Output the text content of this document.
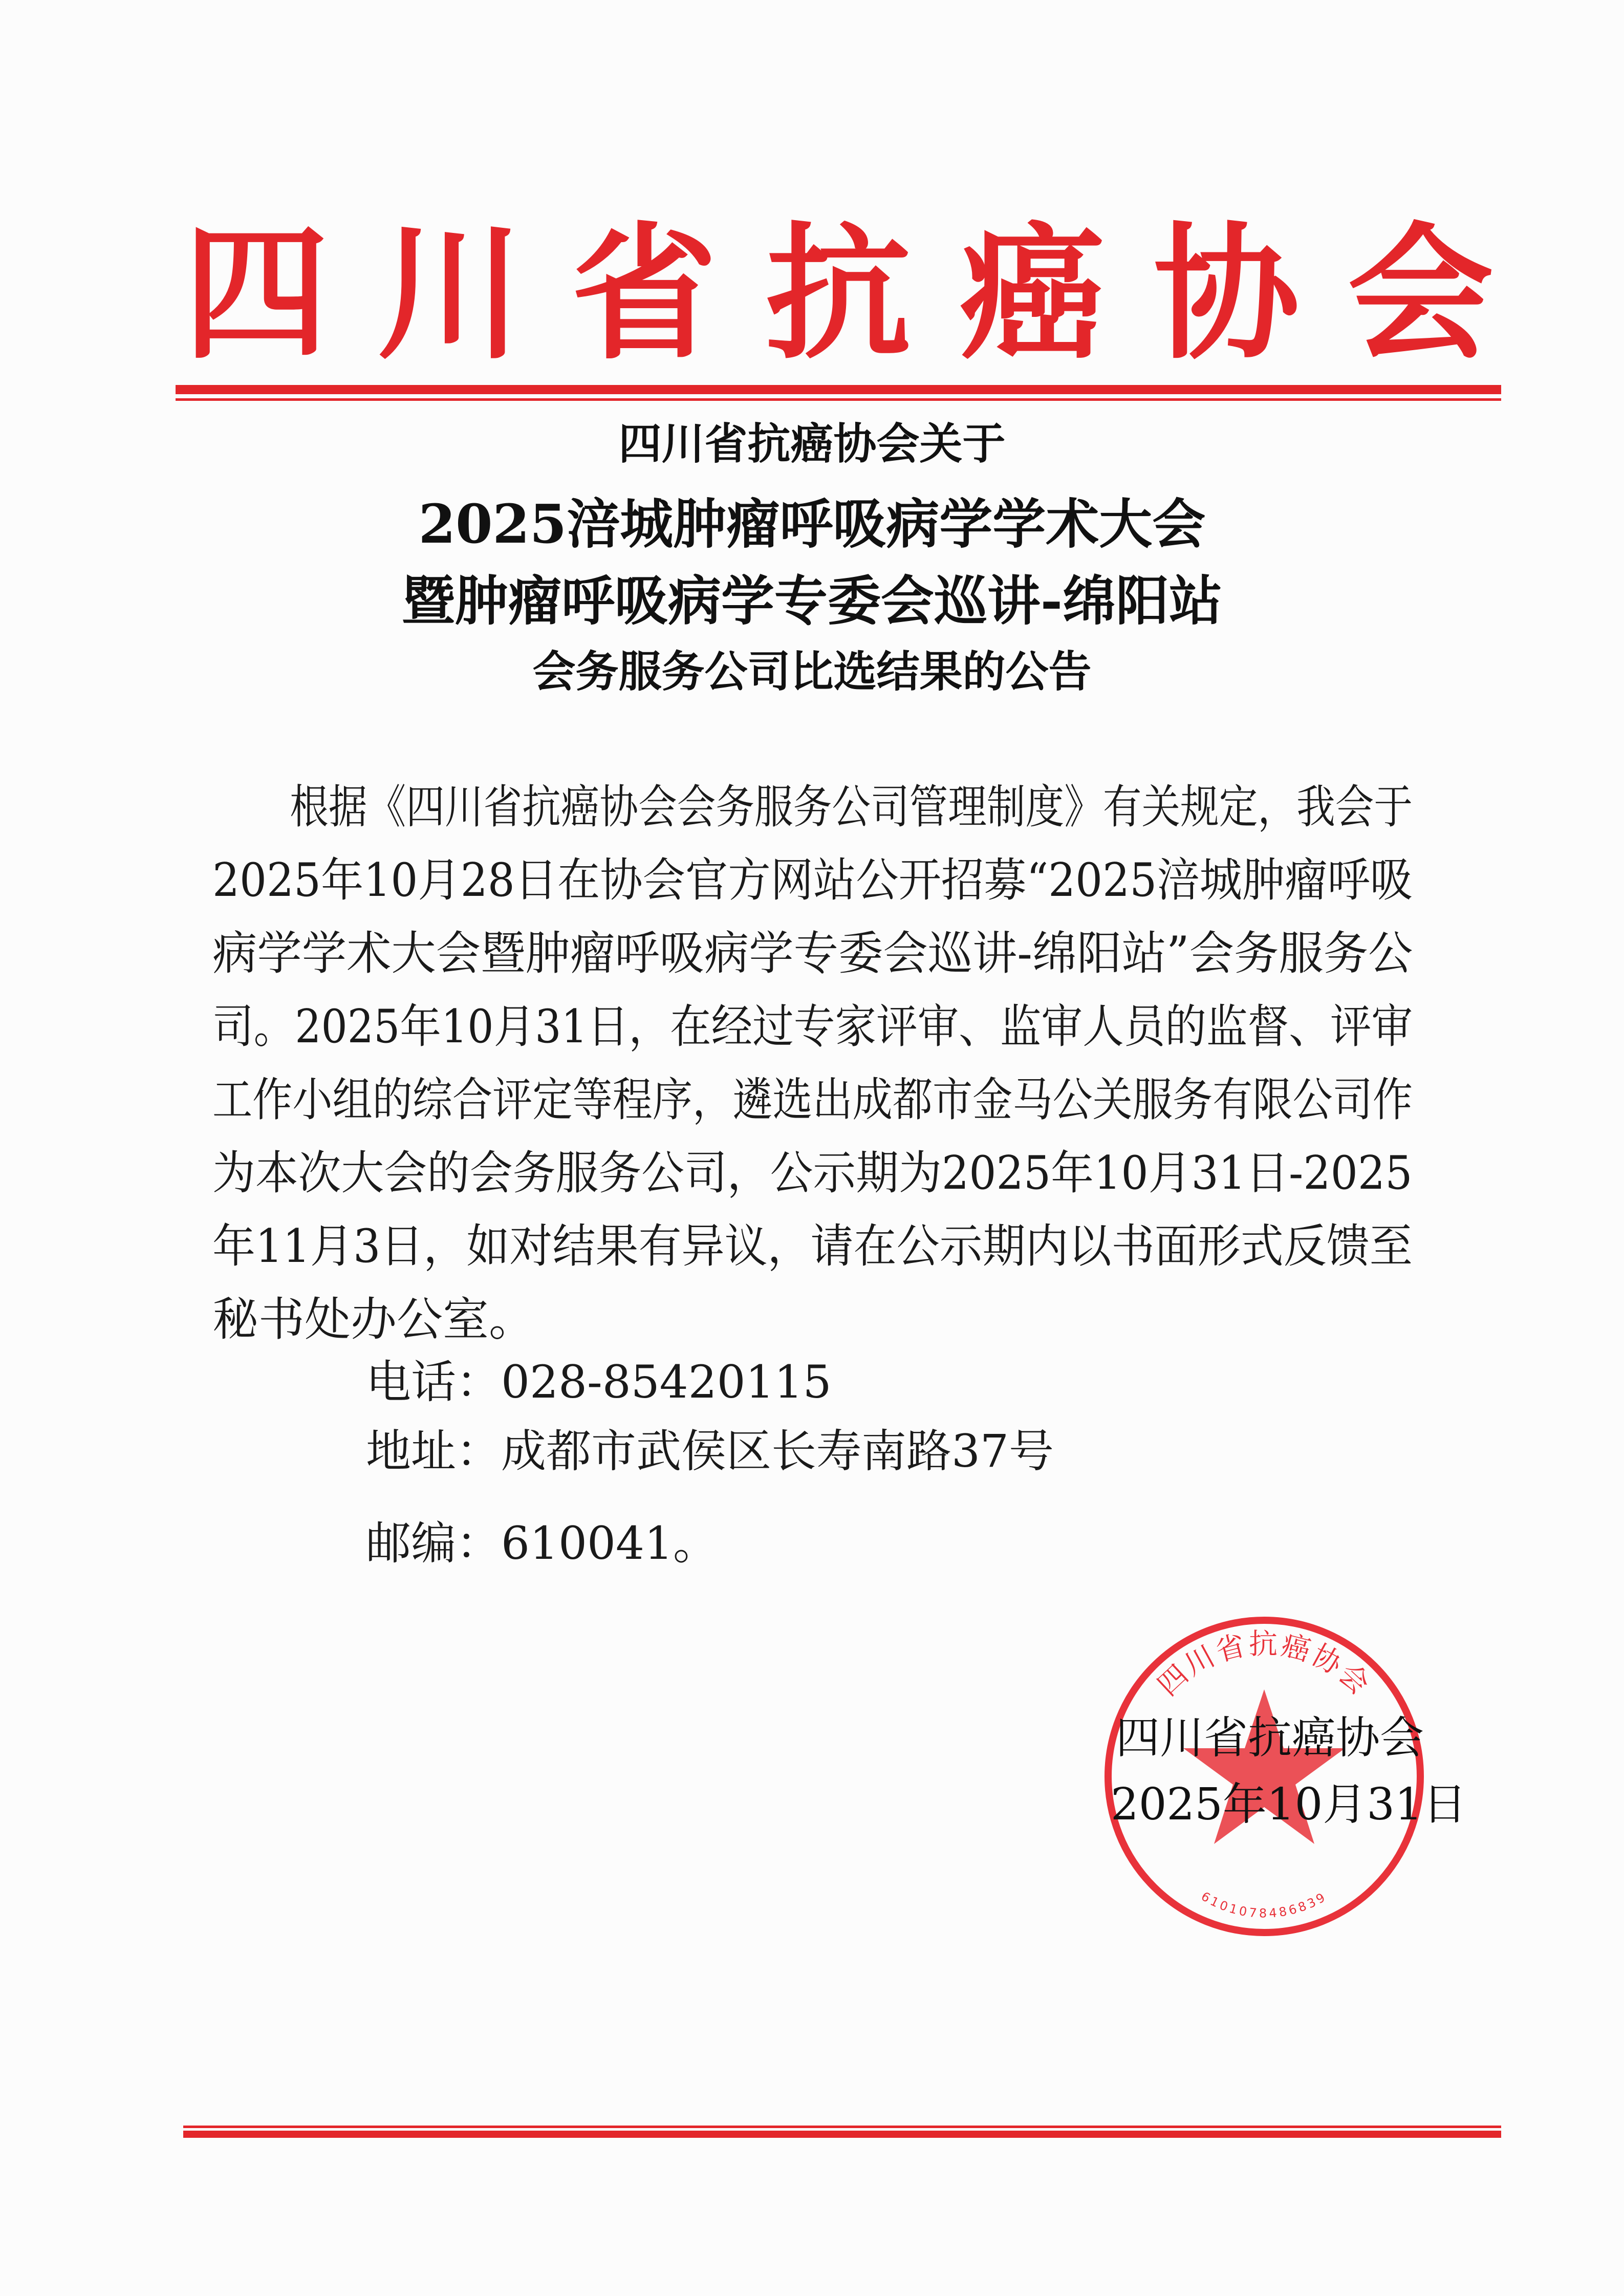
四 川 省 抗 癌 协 会
四川省抗癌协会关于
2025涪城肿瘤呼吸病学学术大会
暨肿瘤呼吸病学专委会巡讲-绵阳站
会务服务公司比选结果的公告
　　根据《四川省抗癌协会会务服务公司管理制度》有关规定，我会于
2025年10月28日在协会官方网站公开招募“2025涪城肿瘤呼吸
病学学术大会暨肿瘤呼吸病学专委会巡讲-绵阳站”会务服务公
司。2025年10月31日，在经过专家评审、监审人员的监督、评审
工作小组的综合评定等程序，遴选出成都市金马公关服务有限公司作
为本次大会的会务服务公司，公示期为2025年10月31日-2025
年11月3日，如对结果有异议，请在公示期内以书面形式反馈至
秘书处办公室。
电话：028-85420115
地址：成都市武侯区长寿南路37号
邮编：610041。
四川省抗癌协会
6101078486839
四川省抗癌协会
2025年10月31日
